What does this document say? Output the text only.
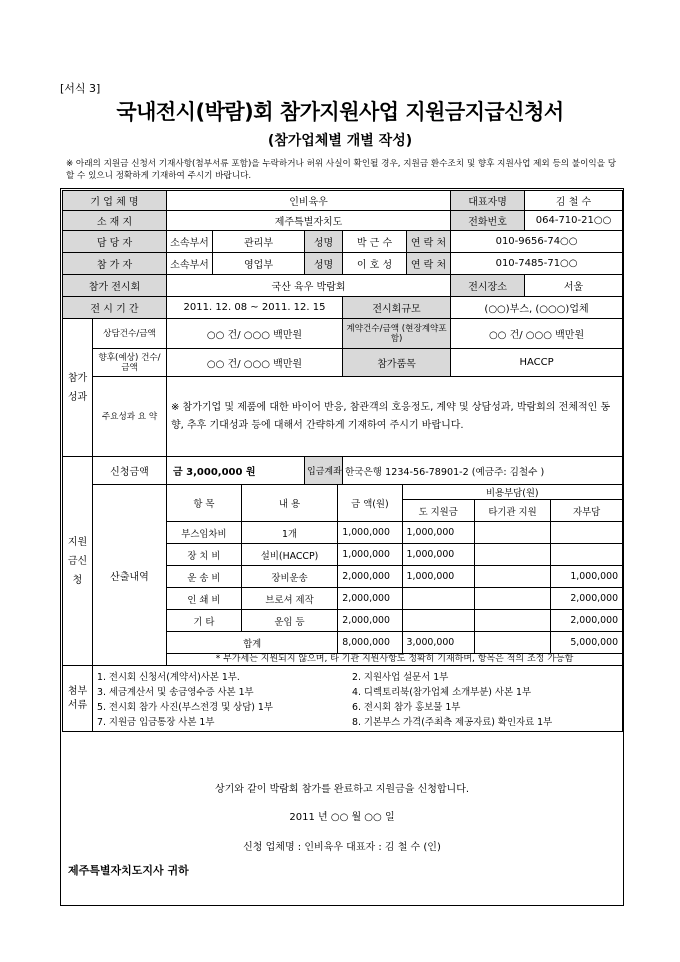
[서식 3]
국내전시(박람)회 참가지원사업 지원금지급신청서
(참가업체별 개별 작성)
※ 아래의 지원금 신청서 기재사항(첨부서류 포함)을 누락하거나 허위 사실이 확인될 경우, 지원금 환수조치 및 향후 지원사업 제외 등의 불이익을 당할 수 있으니 정확하게 기재하여 주시기 바랍니다.
기 업 체 명	인비육우	대표자명	김 철 수
소 재 지	제주특별자치도	전화번호	064-710-21○○
담 당 자	소속부서	관리부	성명	박 근 수	연 락 처	010-9656-74○○
참 가 자	소속부서	영업부	성명	이 호 성	연 락 처	010-7485-71○○
참가 전시회	국산 육우 박람회	전시장소	서울
전 시 기 간	2011. 12. 08 ~ 2011. 12. 15	전시회규모	(○○)부스, (○○○)업체
참가성과	상담건수/금액	○○ 건/ ○○○ 백만원	계약건수/금액 (현장계약포함)	○○ 건/ ○○○ 백만원
향후(예상) 건수/금액	○○ 건/ ○○○ 백만원	참가품목	HACCP
주요성과 요 약	※ 참가기업 및 제품에 대한 바이어 반응, 참관객의 호응정도, 계약 및 상담성과, 박람회의 전체적인 동향, 추후 기대성과 등에 대해서 간략하게 기재하여 주시기 바랍니다.
지원금신청	신청금액	금 3,000,000 원	입금계좌	한국은행 1234-56-78901-2 (예금주: 김철수 )
산출내역	
항 목	내 용	금 액(원)	비용부담(원)
도 지원금	타기관 지원	자부담
부스임차비	1개	1,000,000	1,000,000		
장 치 비	설비(HACCP)	1,000,000	1,000,000		
운 송 비	장비운송	2,000,000	1,000,000		1,000,000
인 쇄 비	브로셔 제작	2,000,000			2,000,000
기 타	운임 등	2,000,000			2,000,000
합계	8,000,000	3,000,000		5,000,000
* 부가세는 지원되지 않으며, 타 기관 지원사항도 정확히 기재하며, 항목은 적의 조정 가능함

첨부서류	
1. 전시회 신청서(계약서)사본 1부.	2. 지원사업 설문서 1부
3. 세금계산서 및 송금영수증 사본 1부	4. 디렉토리북(참가업체 소개부분) 사본 1부
5. 전시회 참가 사진(부스전경 및 상담) 1부	6. 전시회 참가 홍보물 1부
7. 지원금 입금통장 사본 1부	8. 기본부스 가격(주최측 제공자료) 확인자료 1부
상기와 같이 박람회 참가를 완료하고 지원금을 신청합니다.
2011 년 ○○ 월 ○○ 일
신청 업체명 : 인비육우 대표자 : 김 철 수 (인)
제주특별자치도지사 귀하
